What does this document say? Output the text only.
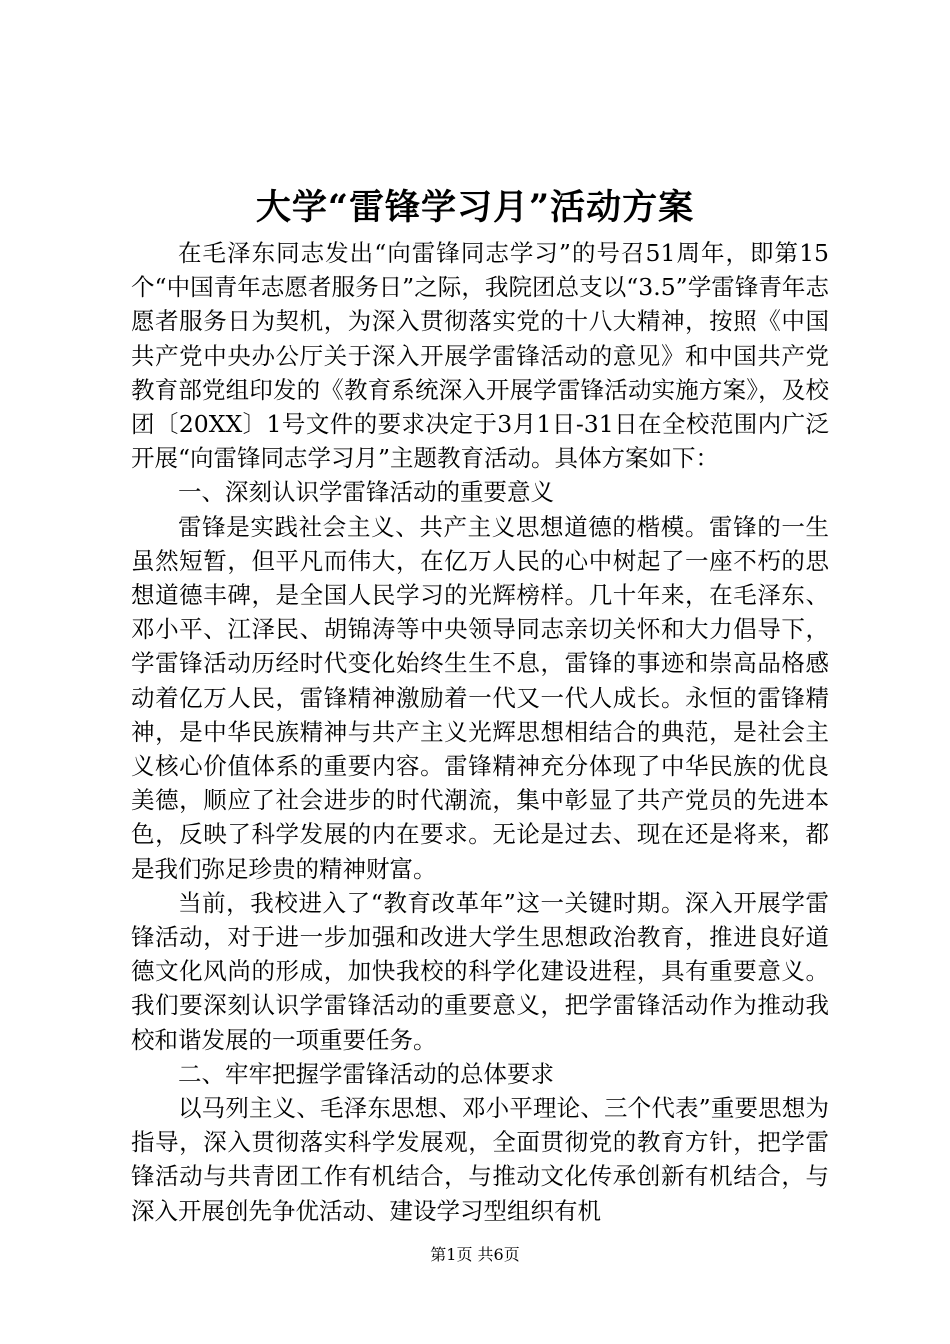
大学“雷锋学习月”活动方案

在毛泽东同志发出“向雷锋同志学习”的号召51周年，即第15个“中国青年志愿者服务日”之际，我院团总支以“3.5”学雷锋青年志愿者服务日为契机，为深入贯彻落实党的十八大精神，按照《中国共产党中央办公厅关于深入开展学雷锋活动的意见》和中国共产党教育部党组印发的《教育系统深入开展学雷锋活动实施方案》，及校团〔20XX〕1号文件的要求决定于3月1日-31日在全校范围内广泛开展“向雷锋同志学习月”主题教育活动。具体方案如下：

一、深刻认识学雷锋活动的重要意义

雷锋是实践社会主义、共产主义思想道德的楷模。雷锋的一生虽然短暂，但平凡而伟大，在亿万人民的心中树起了一座不朽的思想道德丰碑，是全国人民学习的光辉榜样。几十年来，在毛泽东、邓小平、江泽民、胡锦涛等中央领导同志亲切关怀和大力倡导下，学雷锋活动历经时代变化始终生生不息，雷锋的事迹和崇高品格感动着亿万人民，雷锋精神激励着一代又一代人成长。永恒的雷锋精神，是中华民族精神与共产主义光辉思想相结合的典范，是社会主义核心价值体系的重要内容。雷锋精神充分体现了中华民族的优良美德，顺应了社会进步的时代潮流，集中彰显了共产党员的先进本色，反映了科学发展的内在要求。无论是过去、现在还是将来，都是我们弥足珍贵的精神财富。

当前，我校进入了“教育改革年”这一关键时期。深入开展学雷锋活动，对于进一步加强和改进大学生思想政治教育，推进良好道德文化风尚的形成，加快我校的科学化建设进程，具有重要意义。我们要深刻认识学雷锋活动的重要意义，把学雷锋活动作为推动我校和谐发展的一项重要任务。

二、牢牢把握学雷锋活动的总体要求

以马列主义、毛泽东思想、邓小平理论、三个代表”重要思想为指导，深入贯彻落实科学发展观，全面贯彻党的教育方针，把学雷锋活动与共青团工作有机结合，与推动文化传承创新有机结合，与深入开展创先争优活动、建设学习型组织有机

第1页 共6页
